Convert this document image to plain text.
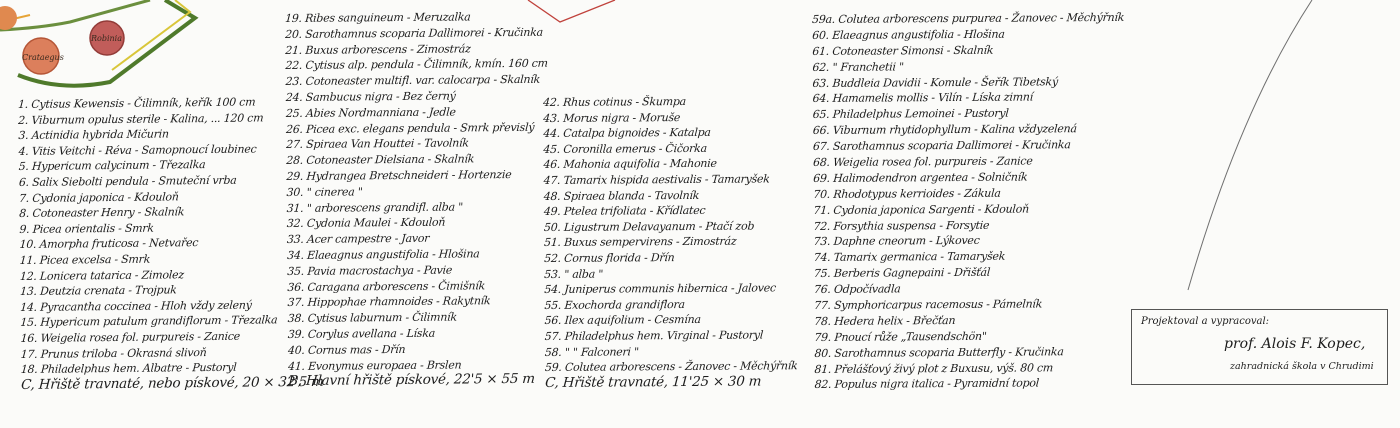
Crataegus
Robinia
1. Cytisus Kewensis - Čilimník, keřík 100 cm
2. Viburnum opulus sterile - Kalina, ... 120 cm
3. Actinidia hybrida Mičurin
4. Vitis Veitchi - Réva - Samopnoucí loubinec
5. Hypericum calycinum - Třezalka
6. Salix Siebolti pendula - Smuteční vrba
7. Cydonia japonica - Kdouloň
8. Cotoneaster Henry - Skalník
9. Picea orientalis - Smrk
10. Amorpha fruticosa - Netvařec
11. Picea excelsa - Smrk
12. Lonicera tatarica - Zimolez
13. Deutzia crenata - Trojpuk
14. Pyracantha coccinea - Hloh vždy zelený
15. Hypericum patulum grandiflorum - Třezalka
16. Weigelia rosea fol. purpureis - Zanice
17. Prunus triloba - Okrasná slivoň
18. Philadelphus hem. Albatre - Pustoryl
C, Hřiště travnaté, nebo pískové, 20 × 32'5 m
19. Ribes sanguineum - Meruzalka
20. Sarothamnus scoparia Dallimorei - Kručinka
21. Buxus arborescens - Zimostráz
22. Cytisus alp. pendula - Čilimník, kmín. 160 cm
23. Cotoneaster multifl. var. calocarpa - Skalník
24. Sambucus nigra - Bez černý
25. Abies Nordmanniana - Jedle
26. Picea exc. elegans pendula - Smrk převislý
27. Spiraea Van Houttei - Tavolník
28. Cotoneaster Dielsiana - Skalník
29. Hydrangea Bretschneideri - Hortenzie
30. " cinerea "
31. " arborescens grandifl. alba "
32. Cydonia Maulei - Kdouloň
33. Acer campestre - Javor
34. Elaeagnus angustifolia - Hlošina
35. Pavia macrostachya - Pavie
36. Caragana arborescens - Čimišník
37. Hippophae rhamnoides - Rakytník
38. Cytisus laburnum - Čilimník
39. Corylus avellana - Líska
40. Cornus mas - Dřín
41. Evonymus europaea - Brslen
B, Hlavní hřiště pískové, 22'5 × 55 m
42. Rhus cotinus - Škumpa
43. Morus nigra - Moruše
44. Catalpa bignoides - Katalpa
45. Coronilla emerus - Čičorka
46. Mahonia aquifolia - Mahonie
47. Tamarix hispida aestivalis - Tamaryšek
48. Spiraea blanda - Tavolník
49. Ptelea trifoliata - Křídlatec
50. Ligustrum Delavayanum - Ptačí zob
51. Buxus sempervirens - Zimostráz
52. Cornus florida - Dřín
53. " alba "
54. Juniperus communis hibernica - Jalovec
55. Exochorda grandiflora
56. Ilex aquifolium - Cesmína
57. Philadelphus hem. Virginal - Pustoryl
58. " " Falconeri "
59. Colutea arborescens - Žanovec - Měchýřník
C, Hřiště travnaté, 11'25 × 30 m
59a. Colutea arborescens purpurea - Žanovec - Měchýřník
60. Elaeagnus angustifolia - Hlošina
61. Cotoneaster Simonsi - Skalník
62. " Franchetii "
63. Buddleia Davidii - Komule - Šeřík Tibetský
64. Hamamelis mollis - Vilín - Líska zimní
65. Philadelphus Lemoinei - Pustoryl
66. Viburnum rhytidophyllum - Kalina vždyzelená
67. Sarothamnus scoparia Dallimorei - Kručinka
68. Weigelia rosea fol. purpureis - Zanice
69. Halimodendron argentea - Solničník
70. Rhodotypus kerrioides - Zákula
71. Cydonia japonica Sargenti - Kdouloň
72. Forsythia suspensa - Forsytie
73. Daphne cneorum - Lýkovec
74. Tamarix germanica - Tamaryšek
75. Berberis Gagnepaini - Dřišťál
76. Odpočívadla
77. Symphoricarpus racemosus - Pámelník
78. Hedera helix - Břečťan
79. Pnoucí růže „Tausendschön"
80. Sarothamnus scoparia Butterfly - Kručinka
81. Přelášťový živý plot z Buxusu, výš. 80 cm
82. Populus nigra italica - Pyramidní topol
Projektoval a vypracoval:
prof. Alois F. Kopec,
zahradnická škola v Chrudimi
